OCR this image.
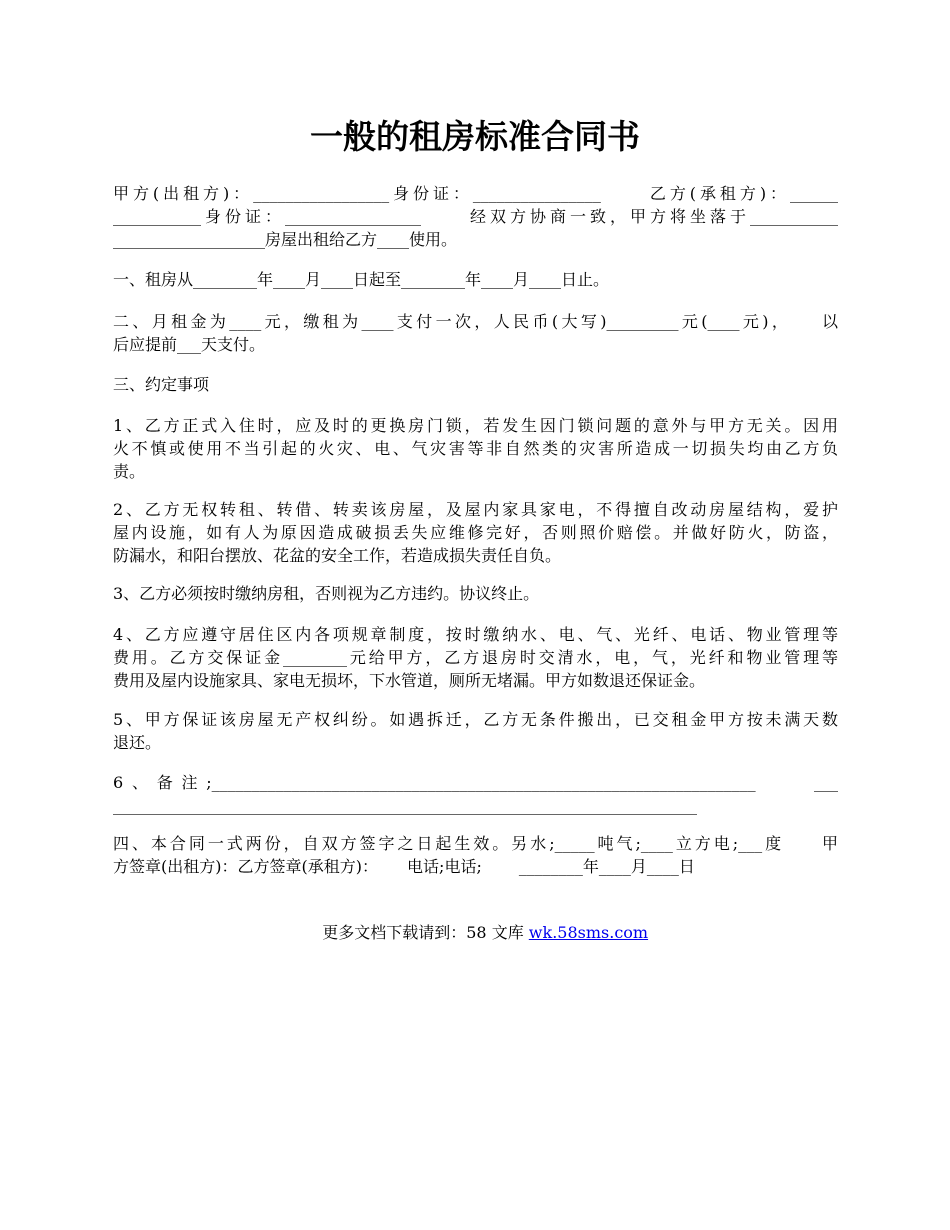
一般的租房标准合同书
甲方(出租方)：_________________身份证：________________ 　　乙方(承租方)：______
___________身份证：_________________ 　　经双方协商一致，甲方将坐落于___________
___________________房屋出租给乙方____使用。
一、租房从________年____月____日起至________年____月____日止。
二、月租金为____元，缴租为____支付一次，人民币(大写)_________元(____元)，　　以
后应提前___天支付。
三、约定事项
1、乙方正式入住时，应及时的更换房门锁，若发生因门锁问题的意外与甲方无关。因用
火不慎或使用不当引起的火灾、电、气灾害等非自然类的灾害所造成一切损失均由乙方负
责。
2、乙方无权转租、转借、转卖该房屋，及屋内家具家电，不得擅自改动房屋结构，爱护
屋内设施，如有人为原因造成破损丢失应维修完好，否则照价赔偿。并做好防火，防盗，
防漏水，和阳台摆放、花盆的安全工作，若造成损失责任自负。
3、乙方必须按时缴纳房租，否则视为乙方违约。协议终止。
4、乙方应遵守居住区内各项规章制度，按时缴纳水、电、气、光纤、电话、物业管理等
费用。乙方交保证金________元给甲方，乙方退房时交清水，电，气，光纤和物业管理等
费用及屋内设施家具、家电无损坏，下水管道，厕所无堵漏。甲方如数退还保证金。
5、甲方保证该房屋无产权纠纷。如遇拆迁，乙方无条件搬出，已交租金甲方按未满天数
退还。
6、备注;____________________________________________________________________　　___
_________________________________________________________________________
四、本合同一式两份，自双方签字之日起生效。另水;_____吨气;____立方电;___度　　甲
方签章(出租方)：乙方签章(承租方)：　　 电话;电话;　　 ________年____月____日

更多文档下载请到：58 文库 wk.58sms.com
